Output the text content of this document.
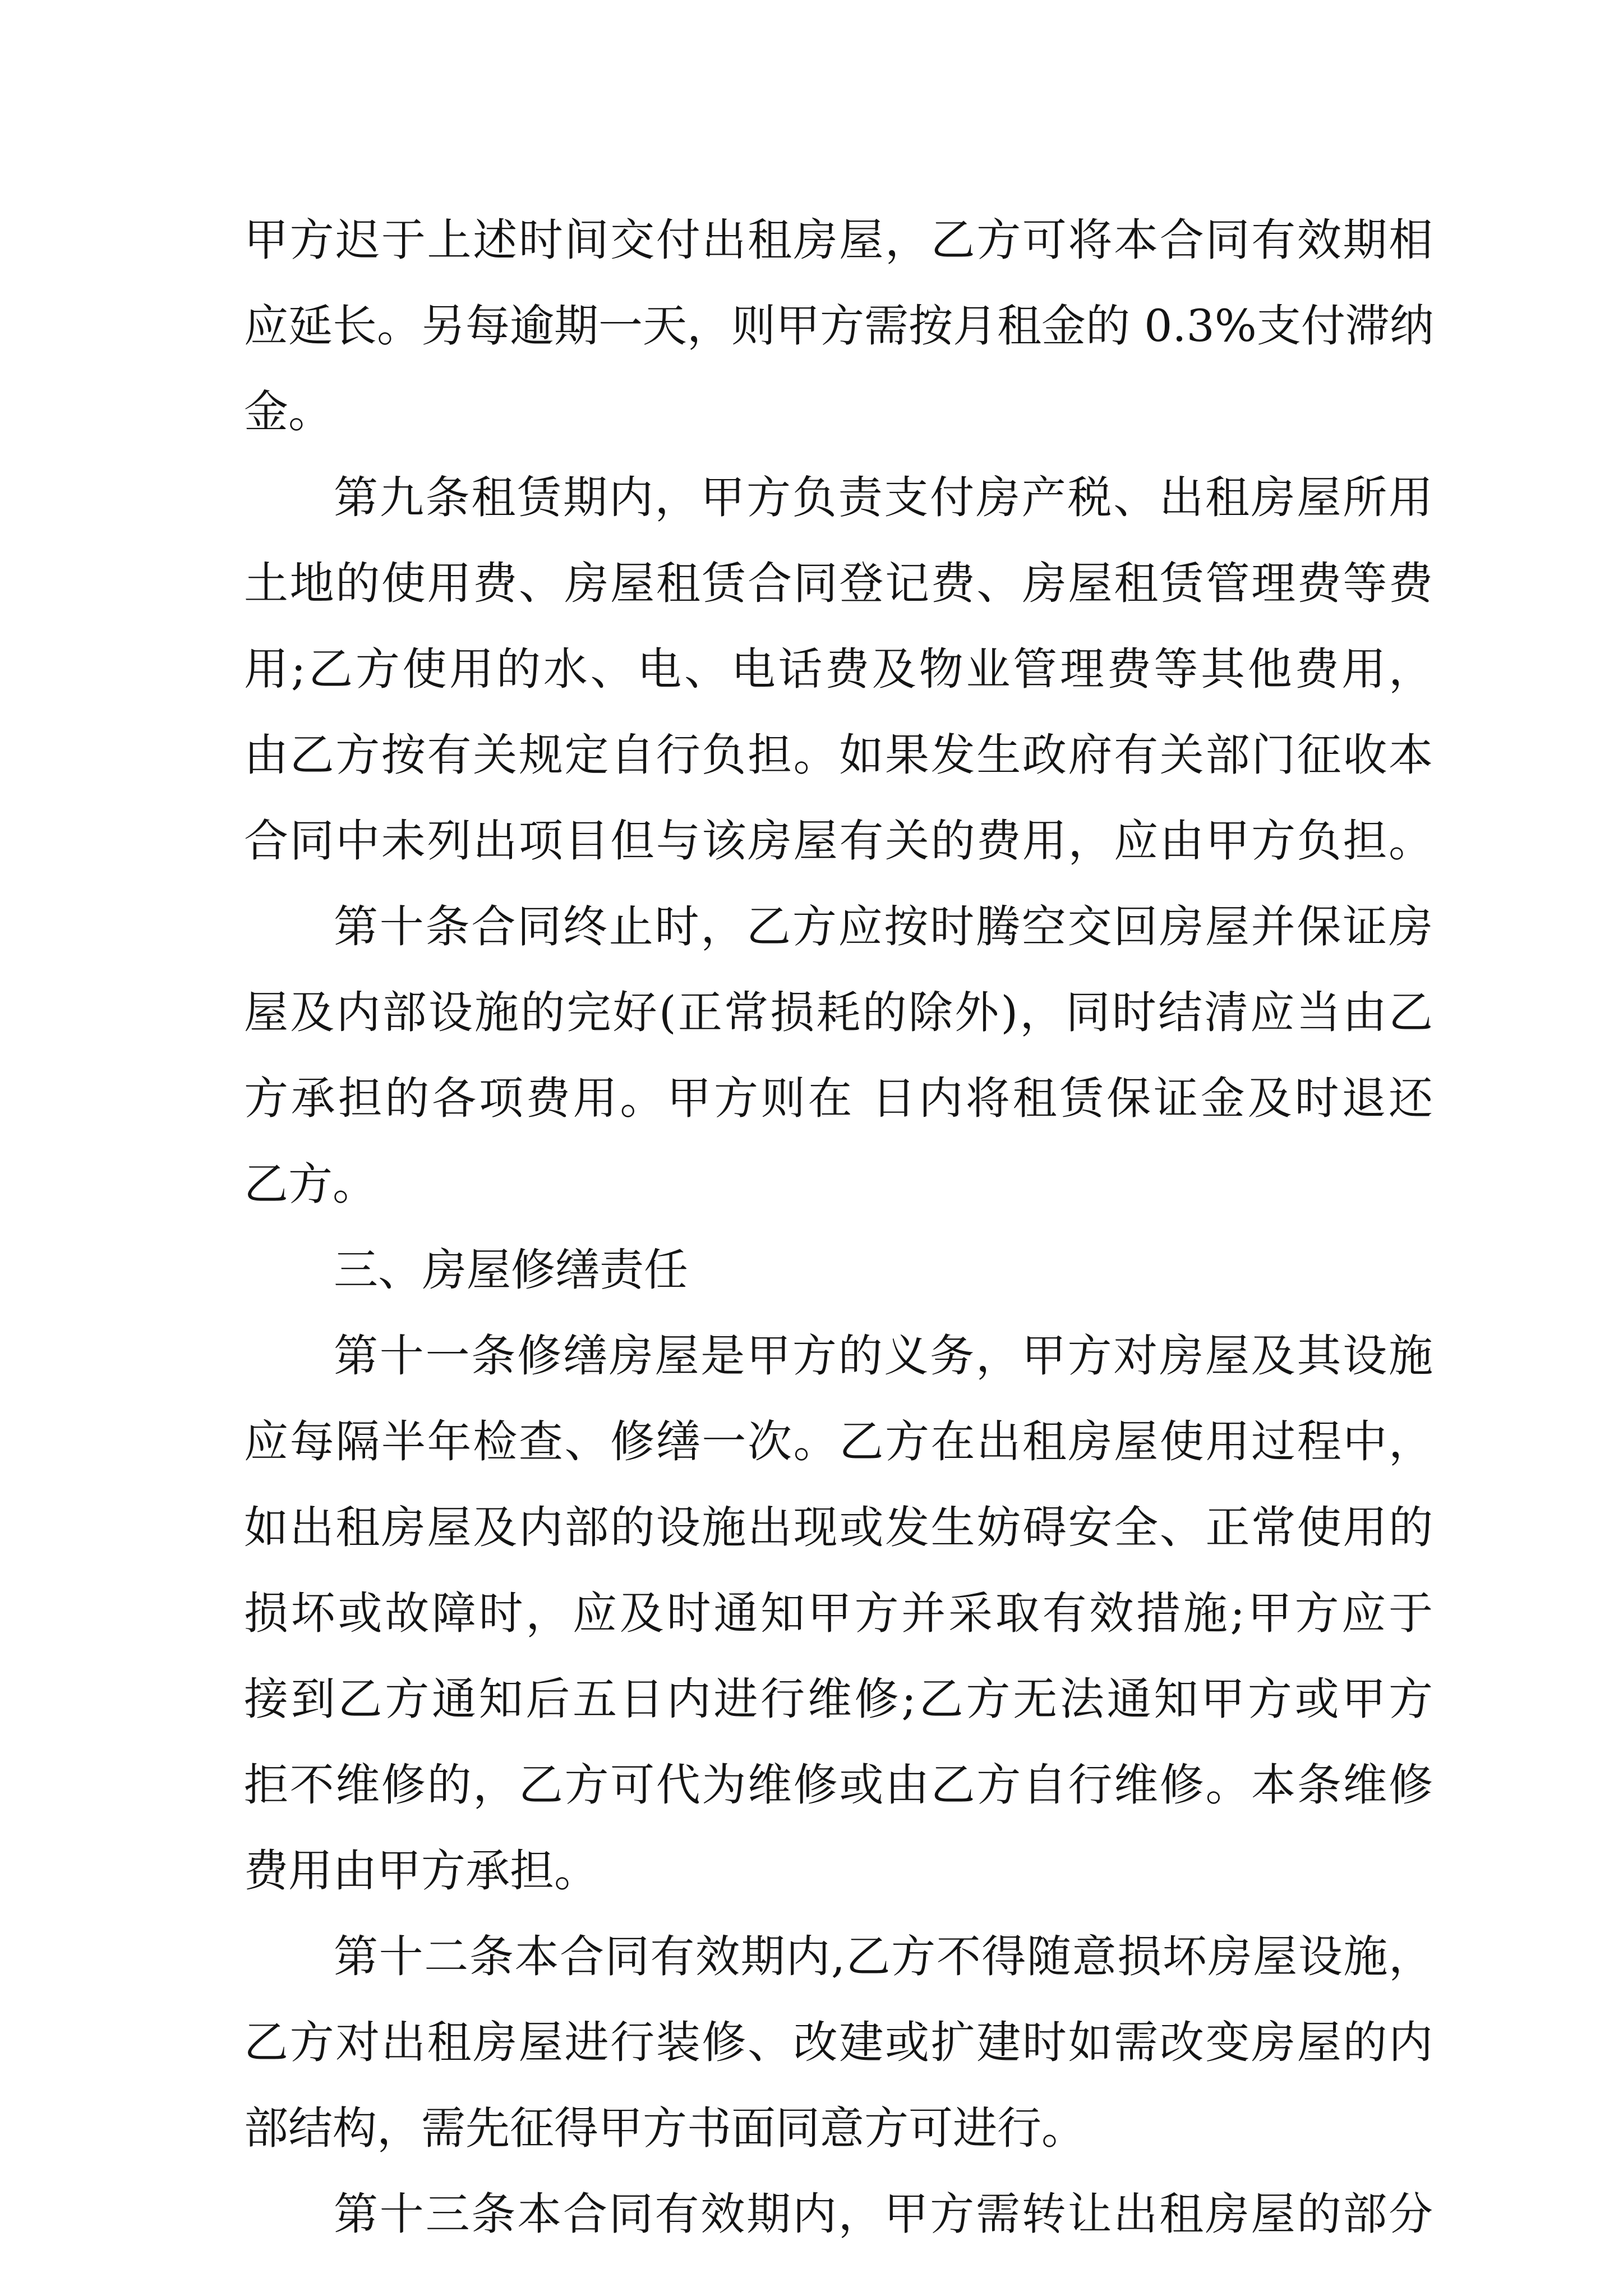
甲方迟于上述时间交付出租房屋，乙方可将本合同有效期相
应延长。另每逾期一天，则甲方需按月租金的 0.3%支付滞纳
金。
第九条租赁期内，甲方负责支付房产税、出租房屋所用
土地的使用费、房屋租赁合同登记费、房屋租赁管理费等费
用;乙方使用的水、电、电话费及物业管理费等其他费用，
由乙方按有关规定自行负担。如果发生政府有关部门征收本
合同中未列出项目但与该房屋有关的费用，应由甲方负担。
第十条合同终止时，乙方应按时腾空交回房屋并保证房
屋及内部设施的完好(正常损耗的除外)，同时结清应当由乙
方承担的各项费用。甲方则在 日内将租赁保证金及时退还
乙方。
三、房屋修缮责任
第十一条修缮房屋是甲方的义务，甲方对房屋及其设施
应每隔半年检查、修缮一次。乙方在出租房屋使用过程中，
如出租房屋及内部的设施出现或发生妨碍安全、正常使用的
损坏或故障时，应及时通知甲方并采取有效措施;甲方应于
接到乙方通知后五日内进行维修;乙方无法通知甲方或甲方
拒不维修的，乙方可代为维修或由乙方自行维修。本条维修
费用由甲方承担。
第十二条本合同有效期内,乙方不得随意损坏房屋设施，
乙方对出租房屋进行装修、改建或扩建时如需改变房屋的内
部结构，需先征得甲方书面同意方可进行。
第十三条本合同有效期内，甲方需转让出租房屋的部分
